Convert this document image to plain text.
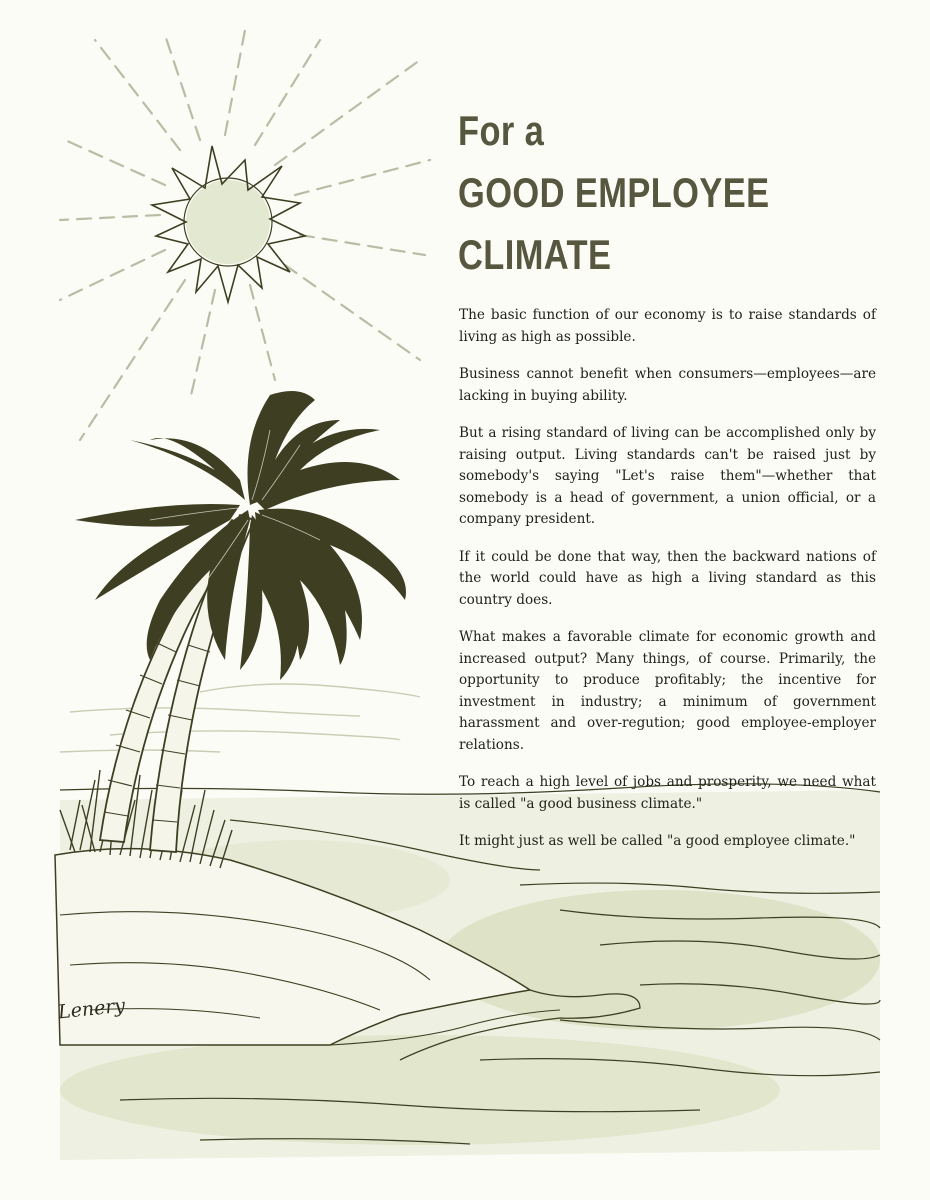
For a
GOOD EMPLOYEE
CLIMATE

The basic function of our economy is to raise standards of living as high as possible.

Business cannot benefit when consumers—employees—are lacking in buying ability.

But a rising standard of living can be accomplished only by raising output. Living standards can't be raised just by somebody's saying "Let's raise them"—whether that somebody is a head of government, a union official, or a company president.

If it could be done that way, then the backward nations of the world could have as high a living standard as this country does.

What makes a favorable climate for economic growth and increased output? Many things, of course. Primarily, the opportunity to produce profitably; the incentive for investment in industry; a minimum of government harassment and over-regution; good employee-employer relations.

To reach a high level of jobs and prosperity, we need what is called "a good business climate."

It might just as well be called "a good employee climate."

Lenery
